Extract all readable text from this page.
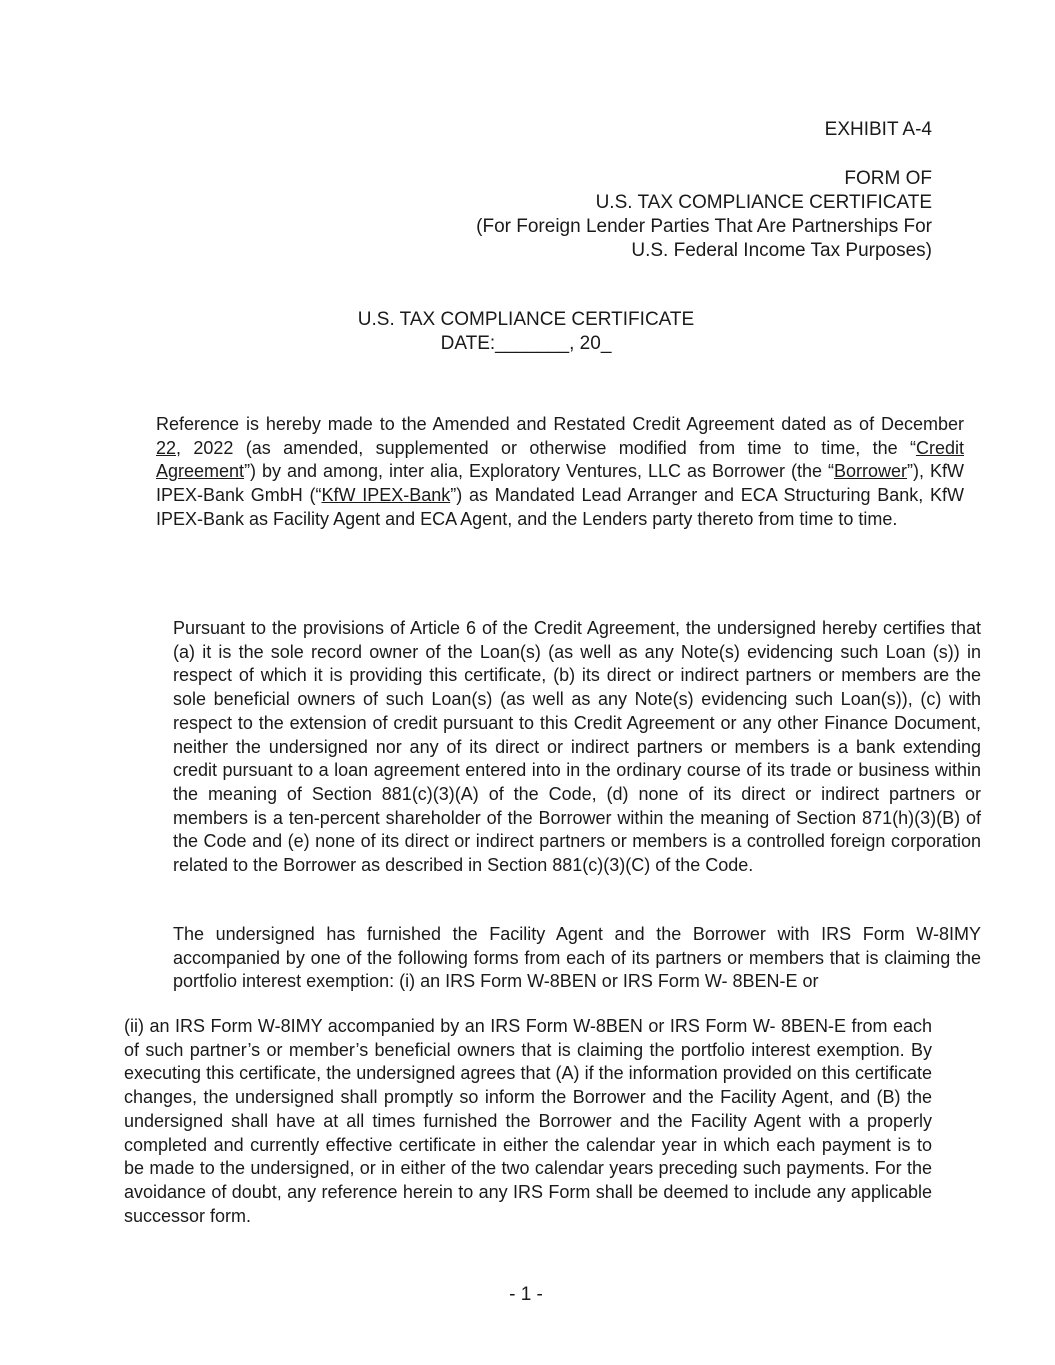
EXHIBIT A-4
FORM OF
U.S. TAX COMPLIANCE CERTIFICATE
(For Foreign Lender Parties That Are Partnerships For
U.S. Federal Income Tax Purposes)
U.S. TAX COMPLIANCE CERTIFICATE
DATE:_______, 20_

Reference is hereby made to the Amended and Restated Credit Agreement dated as of December 22, 2022 (as amended, supplemented or otherwise modified from time to time, the “Credit Agreement”) by and among, inter alia, Exploratory Ventures, LLC as Borrower (the “Borrower”), KfW IPEX-Bank GmbH (“KfW IPEX-Bank”) as Mandated Lead Arranger and ECA Structuring Bank, KfW IPEX-Bank as Facility Agent and ECA Agent, and the Lenders party thereto from time to time.

Pursuant to the provisions of Article 6 of the Credit Agreement, the undersigned hereby certifies that (a) it is the sole record owner of the Loan(s) (as well as any Note(s) evidencing such Loan (s)) in respect of which it is providing this certificate, (b) its direct or indirect partners or members are the sole beneficial owners of such Loan(s) (as well as any Note(s) evidencing such Loan(s)), (c) with respect to the extension of credit pursuant to this Credit Agreement or any other Finance Document, neither the undersigned nor any of its direct or indirect partners or members is a bank extending credit pursuant to a loan agreement entered into in the ordinary course of its trade or business within the meaning of Section 881(c)(3)(A) of the Code, (d) none of its direct or indirect partners or members is a ten-percent shareholder of the Borrower within the meaning of Section 871(h)(3)(B) of the Code and (e) none of its direct or indirect partners or members is a controlled foreign corporation related to the Borrower as described in Section 881(c)(3)(C) of the Code.

The undersigned has furnished the Facility Agent and the Borrower with IRS Form W-8IMY accompanied by one of the following forms from each of its partners or members that is claiming the portfolio interest exemption: (i) an IRS Form W-8BEN or IRS Form W- 8BEN-E or

(ii) an IRS Form W-8IMY accompanied by an IRS Form W-8BEN or IRS Form W- 8BEN-E from each of such partner’s or member’s beneficial owners that is claiming the portfolio interest exemption. By executing this certificate, the undersigned agrees that (A) if the information provided on this certificate changes, the undersigned shall promptly so inform the Borrower and the Facility Agent, and (B) the undersigned shall have at all times furnished the Borrower and the Facility Agent with a properly completed and currently effective certificate in either the calendar year in which each payment is to be made to the undersigned, or in either of the two calendar years preceding such payments. For the avoidance of doubt, any reference herein to any IRS Form shall be deemed to include any applicable successor form.

- 1 -
